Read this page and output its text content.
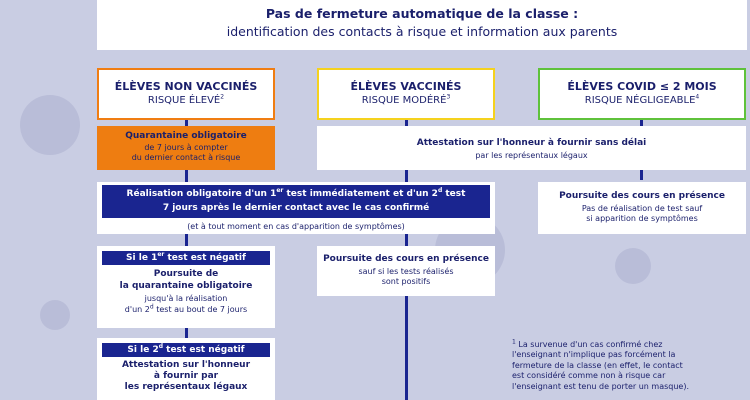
Pas de fermeture automatique de la classe :
identification des contacts à risque et information aux parents
ÉLÈVES NON VACCINÉS
RISQUE ÉLEVÉ$^2$
ÉLÈVES VACCINÉS
RISQUE MODÉRÉ$^3$
ÉLÈVES COVID ≤ 2 MOIS
RISQUE NÉGLIGEABLE$^4$
Quarantaine obligatoire
de 7 jours à compter
du dernier contact à risque
Attestation sur l'honneur à fournir sans délai
par les représentaux légaux
Réalisation obligatoire d'un 1er test immédiatement et d'un 2$^d$ test
7 jours après le dernier contact avec le cas confirmé
(et à tout moment en cas d'apparition de symptômes)
Poursuite des cours en présence
Pas de réalisation de test sauf
si apparition de symptômes
Si le 1er test est négatif
Poursuite de
la quarantaine obligatoire
jusqu'à la réalisation
d'un 2$^d$ test au bout de 7 jours
Poursuite des cours en présence
sauf si les tests réalisés
sont positifs
Si le 2$^d$ test est négatif
Attestation sur l'honneur
à fournir par
les représentaux légaux
$^1$ La survenue d'un cas confirmé chez
l'enseignant n'implique pas forcément la
fermeture de la classe (en effet, le contact
est considéré comme non à risque car
l'enseignant est tenu de porter un masque).
